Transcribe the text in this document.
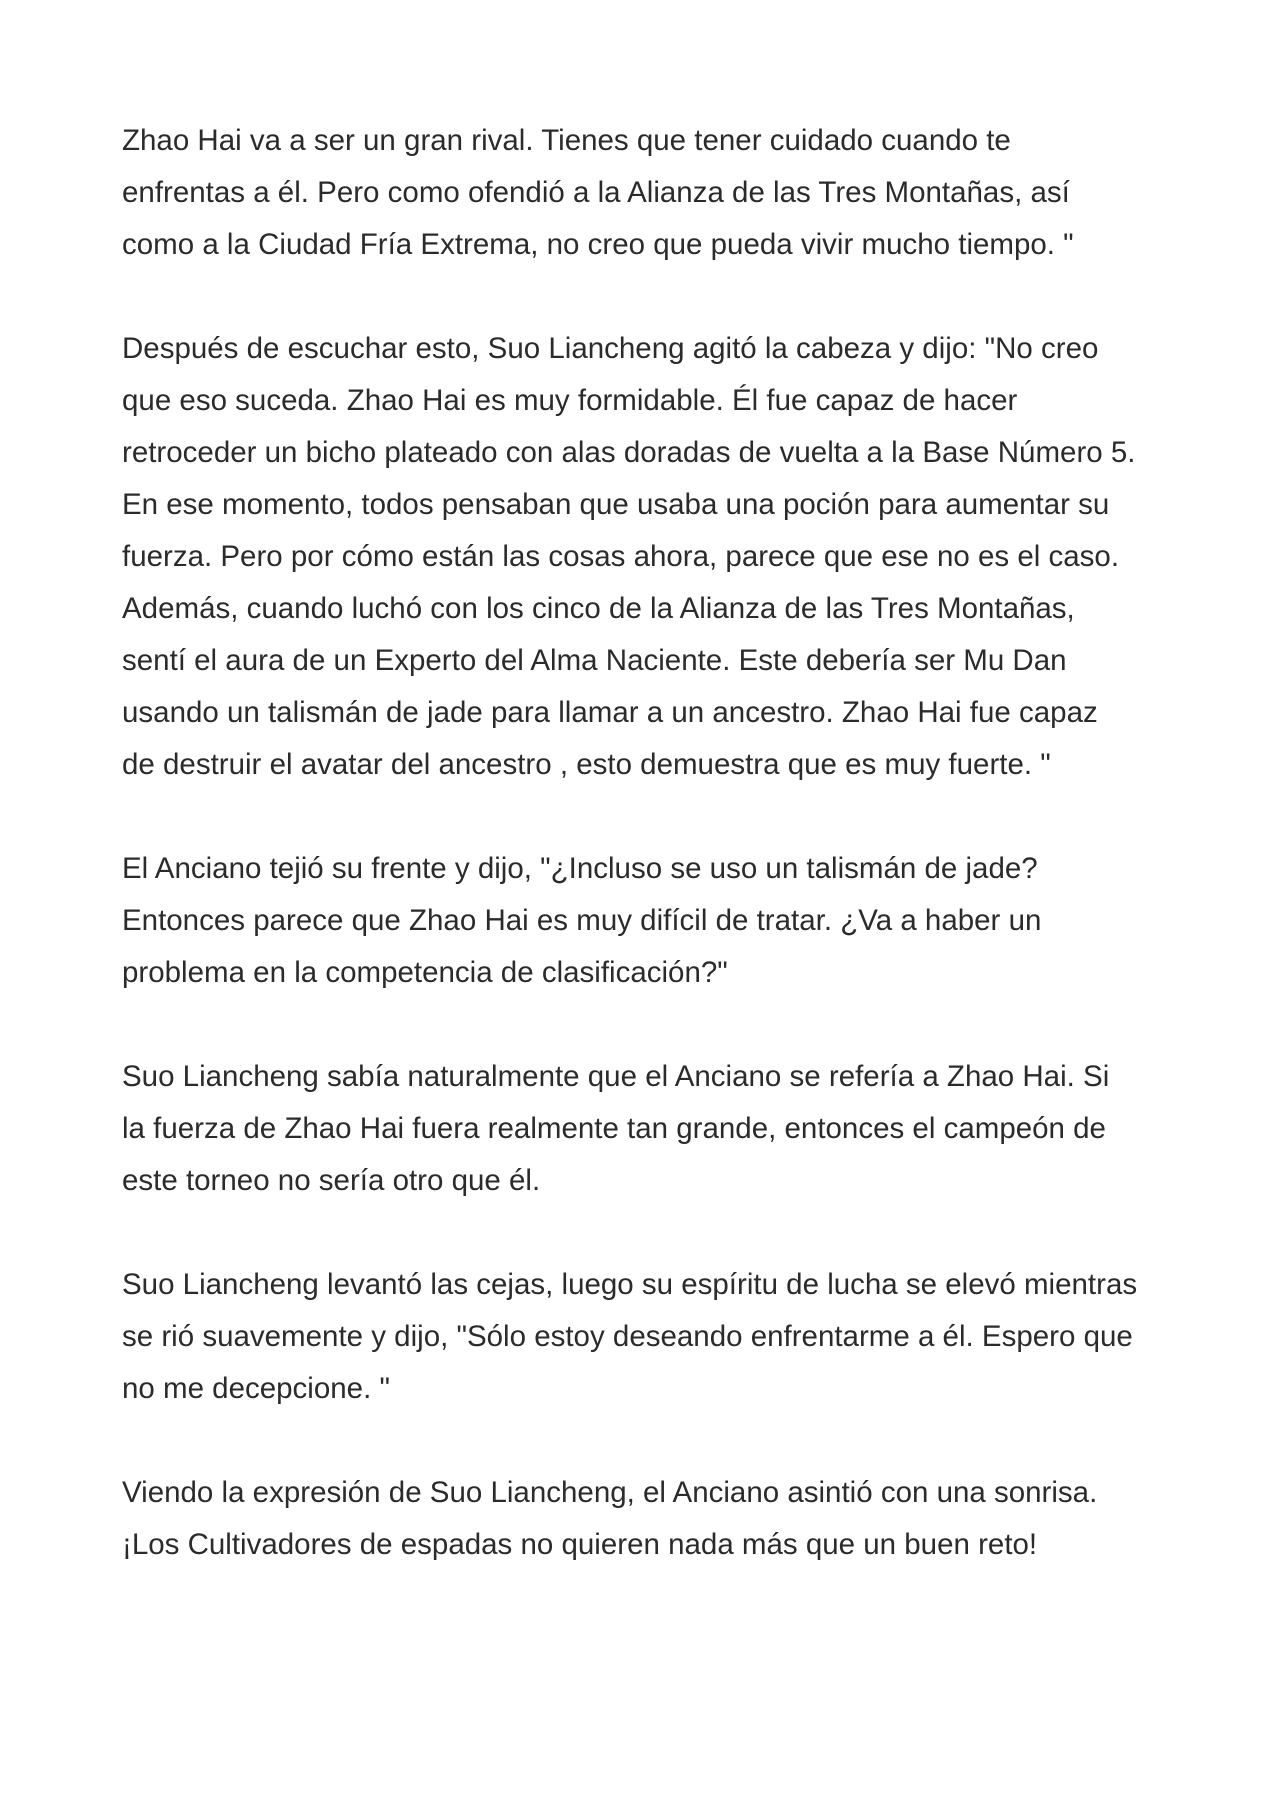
Zhao Hai va a ser un gran rival. Tienes que tener cuidado cuando te
enfrentas a él. Pero como ofendió a la Alianza de las Tres Montañas, así
como a la Ciudad Fría Extrema, no creo que pueda vivir mucho tiempo. "

Después de escuchar esto, Suo Liancheng agitó la cabeza y dijo: "No creo
que eso suceda. Zhao Hai es muy formidable. Él fue capaz de hacer
retroceder un bicho plateado con alas doradas de vuelta a la Base Número 5.
En ese momento, todos pensaban que usaba una poción para aumentar su
fuerza. Pero por cómo están las cosas ahora, parece que ese no es el caso.
Además, cuando luchó con los cinco de la Alianza de las Tres Montañas,
sentí el aura de un Experto del Alma Naciente. Este debería ser Mu Dan
usando un talismán de jade para llamar a un ancestro. Zhao Hai fue capaz
de destruir el avatar del ancestro , esto demuestra que es muy fuerte. "

El Anciano tejió su frente y dijo, "¿Incluso se uso un talismán de jade?
Entonces parece que Zhao Hai es muy difícil de tratar. ¿Va a haber un
problema en la competencia de clasificación?"

Suo Liancheng sabía naturalmente que el Anciano se refería a Zhao Hai. Si
la fuerza de Zhao Hai fuera realmente tan grande, entonces el campeón de
este torneo no sería otro que él.

Suo Liancheng levantó las cejas, luego su espíritu de lucha se elevó mientras
se rió suavemente y dijo, "Sólo estoy deseando enfrentarme a él. Espero que
no me decepcione. "

Viendo la expresión de Suo Liancheng, el Anciano asintió con una sonrisa.
¡Los Cultivadores de espadas no quieren nada más que un buen reto!
